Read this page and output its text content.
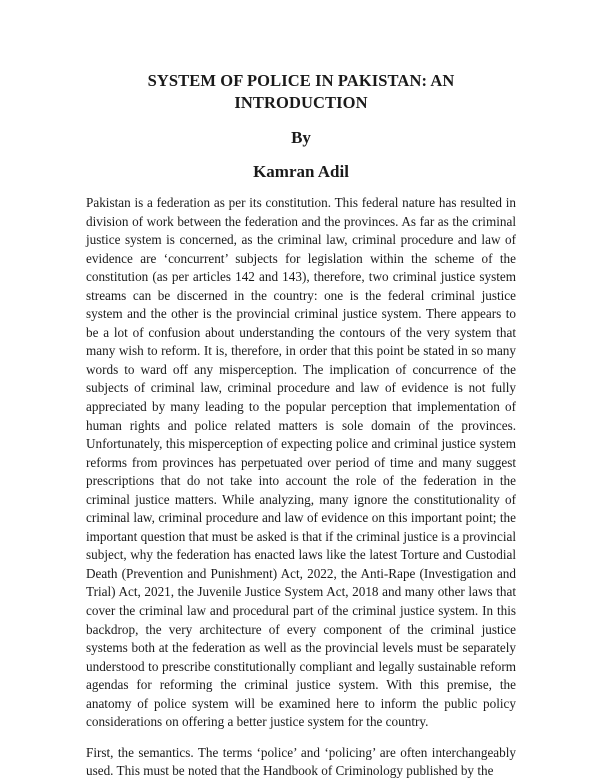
SYSTEM OF POLICE IN PAKISTAN: AN INTRODUCTION
By
Kamran Adil

Pakistan is a federation as per its constitution. This federal nature has resulted in division of work between the federation and the provinces. As far as the criminal justice system is concerned, as the criminal law, criminal procedure and law of evidence are ‘concurrent’ subjects for legislation within the scheme of the constitution (as per articles 142 and 143), therefore, two criminal justice system streams can be discerned in the country: one is the federal criminal justice system and the other is the provincial criminal justice system. There appears to be a lot of confusion about understanding the contours of the very system that many wish to reform. It is, therefore, in order that this point be stated in so many words to ward off any misperception. The implication of concurrence of the subjects of criminal law, criminal procedure and law of evidence is not fully appreciated by many leading to the popular perception that implementation of human rights and police related matters is sole domain of the provinces. Unfortunately, this misperception of expecting police and criminal justice system reforms from provinces has perpetuated over period of time and many suggest prescriptions that do not take into account the role of the federation in the criminal justice matters. While analyzing, many ignore the constitutionality of criminal law, criminal procedure and law of evidence on this important point; the important question that must be asked is that if the criminal justice is a provincial subject, why the federation has enacted laws like the latest Torture and Custodial Death (Prevention and Punishment) Act, 2022, the Anti-Rape (Investigation and Trial) Act, 2021, the Juvenile Justice System Act, 2018 and many other laws that cover the criminal law and procedural part of the criminal justice system. In this backdrop, the very architecture of every component of the criminal justice systems both at the federation as well as the provincial levels must be separately understood to prescribe constitutionally compliant and legally sustainable reform agendas for reforming the criminal justice system. With this premise, the anatomy of police system will be examined here to inform the public policy considerations on offering a better justice system for the country.

First, the semantics. The terms ‘police’ and ‘policing’ are often interchangeably used. This must be noted that the Handbook of Criminology published by the
